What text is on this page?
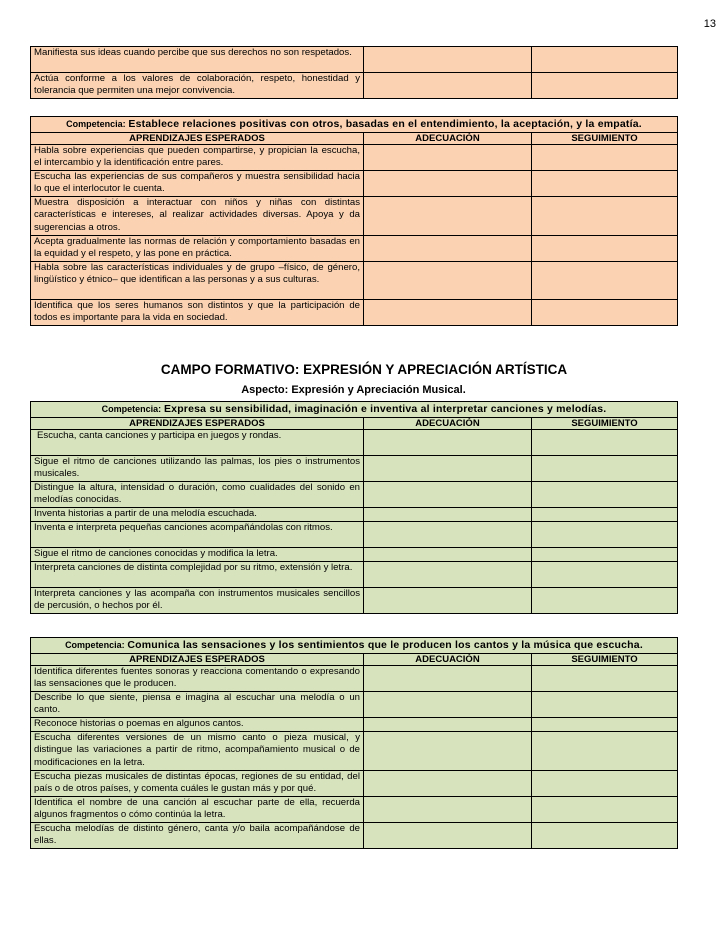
13
Manifiesta sus ideas cuando percibe que sus derechos no son respetados.		
Actúa conforme a los valores de colaboración, respeto, honestidad y tolerancia que permiten una mejor convivencia.		
Competencia: Establece relaciones positivas con otros, basadas en el entendimiento, la aceptación, y la empatía.		
APRENDIZAJES ESPERADOS	ADECUACIÓN	SEGUIMIENTO
Habla sobre experiencias que pueden compartirse, y propician la escucha, el intercambio y la identificación entre pares.		
Escucha las experiencias de sus compañeros y muestra sensibilidad hacia lo que el interlocutor le cuenta.		
Muestra disposición a interactuar con niños y niñas con distintas características e intereses, al realizar actividades diversas. Apoya y da sugerencias a otros.		
Acepta gradualmente las normas de relación y comportamiento basadas en la equidad y el respeto, y las pone en práctica.		
Habla sobre las características individuales y de grupo –físico, de género, lingüístico y étnico– que identifican a las personas y a sus culturas.		
Identifica que los seres humanos son distintos y que la participación de todos es importante para la vida en sociedad.		
CAMPO FORMATIVO: EXPRESIÓN Y APRECIACIÓN ARTÍSTICA
Aspecto: Expresión y Apreciación Musical.
Competencia: Expresa su sensibilidad, imaginación e inventiva al interpretar canciones y melodías.		
APRENDIZAJES ESPERADOS	ADECUACIÓN	SEGUIMIENTO
Escucha, canta canciones y participa en juegos y rondas.		
Sigue el ritmo de canciones utilizando las palmas, los pies o instrumentos musicales.		
Distingue la altura, intensidad o duración, como cualidades del sonido en melodías conocidas.		
Inventa historias a partir de una melodía escuchada.		
Inventa e interpreta pequeñas canciones acompañándolas con ritmos.		
Sigue el ritmo de canciones conocidas y modifica la letra.		
Interpreta canciones de distinta complejidad por su ritmo, extensión y letra.		
Interpreta canciones y las acompaña con instrumentos musicales sencillos de percusión, o hechos por él.		
Competencia: Comunica las sensaciones y los sentimientos que le producen los cantos y la música que escucha.		
APRENDIZAJES ESPERADOS	ADECUACIÓN	SEGUIMIENTO
Identifica diferentes fuentes sonoras y reacciona comentando o expresando las sensaciones que le producen.		
Describe lo que siente, piensa e imagina al escuchar una melodía o un canto.		
Reconoce historias o poemas en algunos cantos.		
Escucha diferentes versiones de un mismo canto o pieza musical, y distingue las variaciones a partir de ritmo, acompañamiento musical o de modificaciones en la letra.		
Escucha piezas musicales de distintas épocas, regiones de su entidad, del país o de otros países, y comenta cuáles le gustan más y por qué.		
Identifica el nombre de una canción al escuchar parte de ella, recuerda algunos fragmentos o cómo continúa la letra.		
Escucha melodías de distinto género, canta y/o baila acompañándose de ellas.		
